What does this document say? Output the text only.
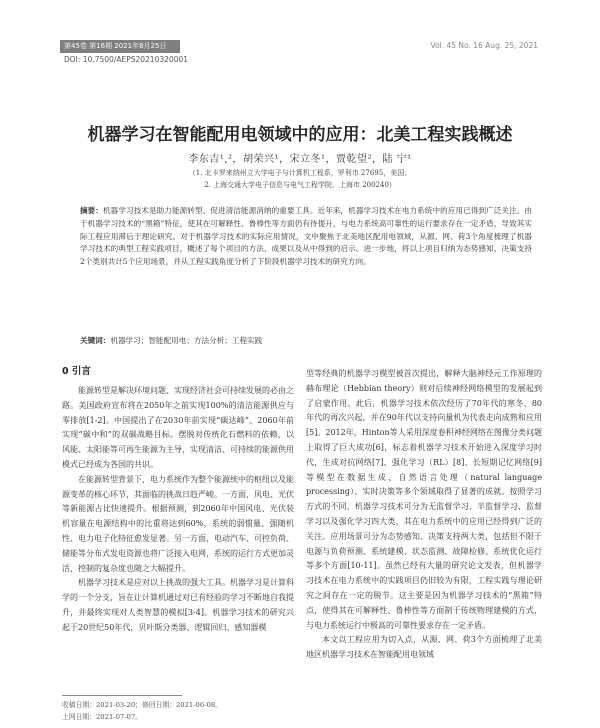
第45卷 第16期 2021年8月25日	Vol. 45 No. 16 Aug. 25, 2021
DOI: 10.7500/AEPS20210320001
机器学习在智能配用电领域中的应用：北美工程实践概述
李东吉¹,²，胡荣兴¹，宋立冬¹，贾乾望²，陆 宁¹
（1. 北卡罗来纳州立大学电子与计算机工程系，罗利市 27695，美国；
2. 上海交通大学电子信息与电气工程学院，上海市 200240）
摘要：机器学习技术是助力能源转型、促进清洁能源消纳的重要工具。近年来，机器学习技术在电力系统中的应用已得到广泛关注。由于机器学习技术的“黑箱”特征，使其在可解释性、鲁棒性等方面仍有待提升，与电力系统高可靠性的运行要求存在一定矛盾，导致其实际工程应用滞后于理论研究。对于机器学习技术的实际应用情况，文中聚焦于北美地区配用电领域，从源、网、荷3个角度梳理了机器学习技术的典型工程实践项目，概述了每个项目的方法、成果以及从中得到的启示。进一步地，将以上项目归纳为态势感知、决策支持2个类别共计5个应用场景，并从工程实践角度分析了下阶段机器学习技术的研究方向。
关键词：机器学习；智能配用电；方法分析；工程实践
0 引言

能源转型是解决环境问题、实现经济社会可持续发展的必由之路。美国政府宣布将在2050年之前实现100%的清洁能源供应与零排放[1-2]。中国提出了在2030年前实现“碳达峰”、2060年前实现“碳中和”的双碳战略目标。摆脱对传统化石燃料的依赖，以风能、太阳能等可再生能源为主导，实现清洁、可持续的能源供用模式已经成为各国的共识。

在能源转型背景下，电力系统作为整个能源统中的枢纽以及能源变革的核心环节，其面临的挑战日趋严峻。一方面，风电、光伏等新能源占比快速提升。根据预测，到2060年中国风电、光伏装机容量在电源结构中的比重将达到60%，系统的弱惯量、强随机性、电力电子化特征愈发显著。另一方面，电动汽车、可控负荷、储能等分布式发电资源也将广泛接入电网，系统的运行方式更加灵活，控制的复杂度也随之大幅提升。

机器学习技术是应对以上挑战的强大工具。机器学习是计算科学的一个分支，旨在让计算机通过对已有经验的学习不断地自我提升，并最终实现对人类智慧的模拟[3-4]。机器学习技术的研究兴起于20世纪50年代，贝叶斯分类器、逻辑回归、感知器模

型等经典的机器学习模型被首次提出，解释大脑神经元工作原理的赫布理论（Hebbian theory）则对后续神经网络模型的发展起到了启蒙作用。此后，机器学习技术依次经历了70年代的寒冬、80年代的再次兴起，并在90年代以支持向量机为代表走向成熟和应用[5]。2012年，Hinton等人采用深度卷积神经网络在图像分类问题上取得了巨大成功[6]，标志着机器学习技术开始进入深度学习时代，生成对抗网络[7]、强化学习（RL）[8]、长短期记忆网络[9]等模型在数据生成、自然语言处理（natural language processing）、实时决策等多个领域取得了显著的成就。按照学习方式的不同，机器学习技术可分为无监督学习、半监督学习、监督学习以及强化学习四大类，其在电力系统中的应用已经得到广泛的关注。应用场景可分为态势感知、决策支持两大类，包括但不限于电源与负荷预测、系统建模、状态监测、故障检修、系统优化运行等多个方面[10-11]。虽然已经有大量的研究论文发表，但机器学习技术在电力系统中的实践项目仍旧较为有限，工程实践与理论研究之间存在一定的脱节。这主要是因为机器学习技术的“黑箱”特点，使得其在可解释性、鲁棒性等方面制于传统物理建模的方式，与电力系统运行中极高的可靠性要求存在一定矛盾。

本文以工程应用为切入点，从源、网、荷3个方面梳理了北美地区机器学习技术在智能配用电领域

收稿日期：2021-03-20；修回日期：2021-06-08。
上网日期：2021-07-07。
